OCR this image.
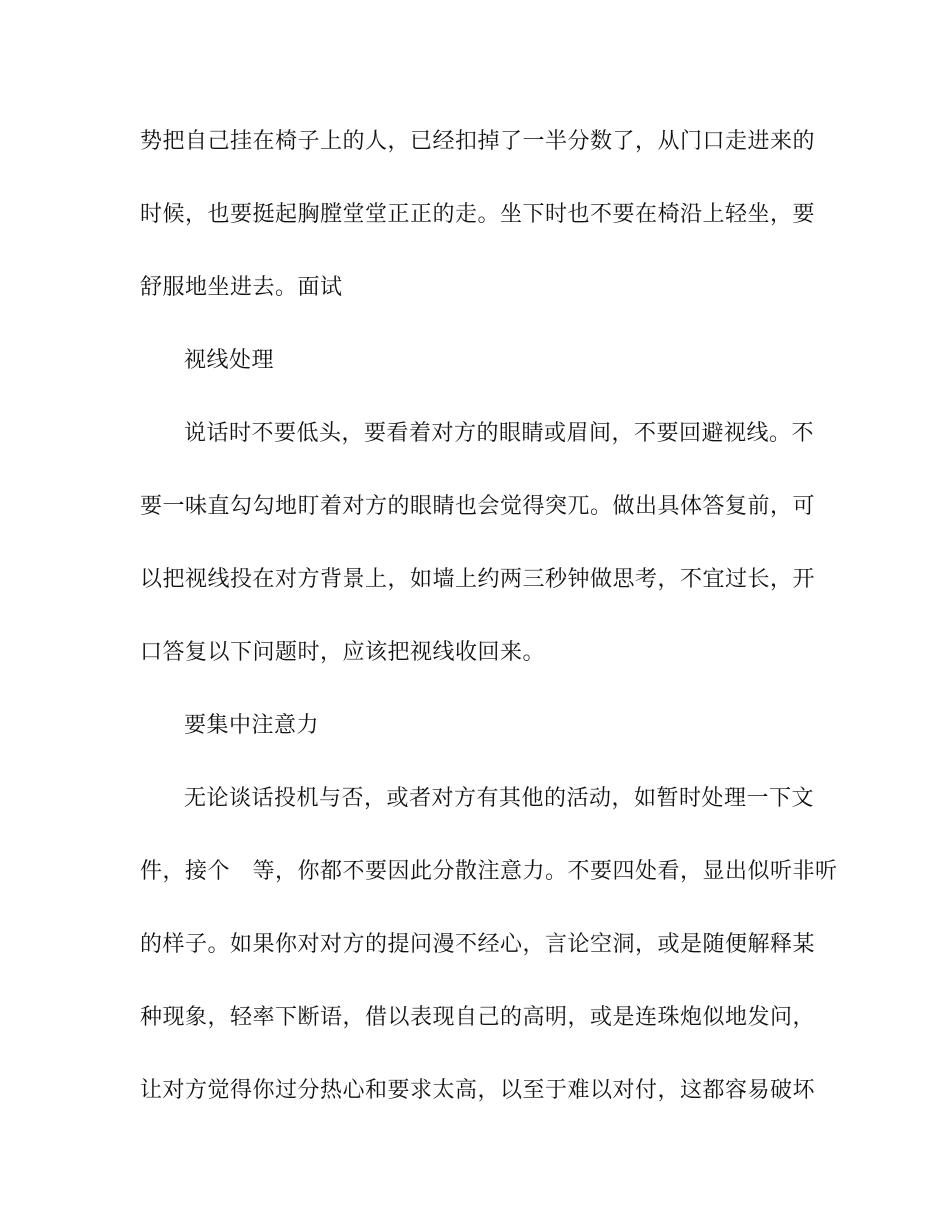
势把自己挂在椅子上的人，已经扣掉了一半分数了，从门口走进来的
时候，也要挺起胸膛堂堂正正的走。坐下时也不要在椅沿上轻坐，要
舒服地坐进去。面试
视线处理
说话时不要低头，要看着对方的眼睛或眉间，不要回避视线。不
要一味直勾勾地盯着对方的眼睛也会觉得突兀。做出具体答复前，可
以把视线投在对方背景上，如墙上约两三秒钟做思考，不宜过长，开
口答复以下问题时，应该把视线收回来。
要集中注意力
无论谈话投机与否，或者对方有其他的活动，如暂时处理一下文
件，接个　等，你都不要因此分散注意力。不要四处看，显出似听非听
的样子。如果你对对方的提问漫不经心，言论空洞，或是随便解释某
种现象，轻率下断语，借以表现自己的高明，或是连珠炮似地发问，
让对方觉得你过分热心和要求太高，以至于难以对付，这都容易破坏
